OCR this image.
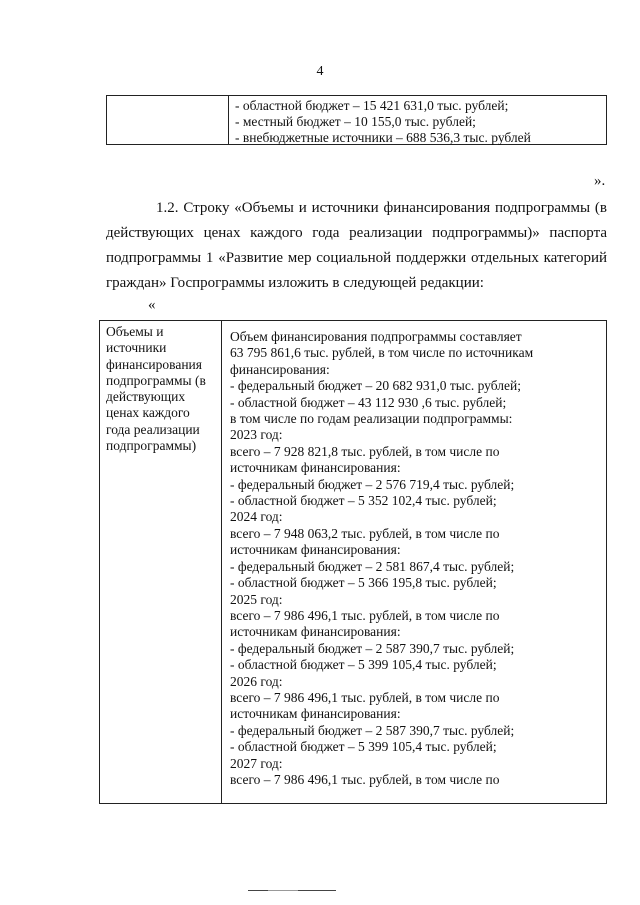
4
- областной бюджет – 15 421 631,0 тыс. рублей;
- местный бюджет – 10 155,0 тыс. рублей;
- внебюджетные источники – 688 536,3 тыс. рублей
».
1.2. Строку «Объемы и источники финансирования подпрограммы (в
действующих ценах каждого года реализации подпрограммы)» паспорта
подпрограммы 1 «Развитие мер социальной поддержки отдельных категорий
граждан» Госпрограммы изложить в следующей редакции:
«
Объемы и
источники
финансирования
подпрограммы (в
действующих
ценах каждого
года реализации
подпрограммы)
Объем финансирования подпрограммы составляет
63 795 861,6 тыс. рублей, в том числе по источникам
финансирования:
- федеральный бюджет – 20 682 931,0 тыс. рублей;
- областной бюджет – 43 112 930 ,6 тыс. рублей;
в том числе по годам реализации подпрограммы:
2023 год:
всего – 7 928 821,8 тыс. рублей, в том числе по
источникам финансирования:
- федеральный бюджет – 2 576 719,4 тыс. рублей;
- областной бюджет – 5 352 102,4 тыс. рублей;
2024 год:
всего – 7 948 063,2 тыс. рублей, в том числе по
источникам финансирования:
- федеральный бюджет – 2 581 867,4 тыс. рублей;
- областной бюджет – 5 366 195,8 тыс. рублей;
2025 год:
всего – 7 986 496,1 тыс. рублей, в том числе по
источникам финансирования:
- федеральный бюджет – 2 587 390,7 тыс. рублей;
- областной бюджет – 5 399 105,4 тыс. рублей;
2026 год:
всего – 7 986 496,1 тыс. рублей, в том числе по
источникам финансирования:
- федеральный бюджет – 2 587 390,7 тыс. рублей;
- областной бюджет – 5 399 105,4 тыс. рублей;
2027 год:
всего – 7 986 496,1 тыс. рублей, в том числе по
